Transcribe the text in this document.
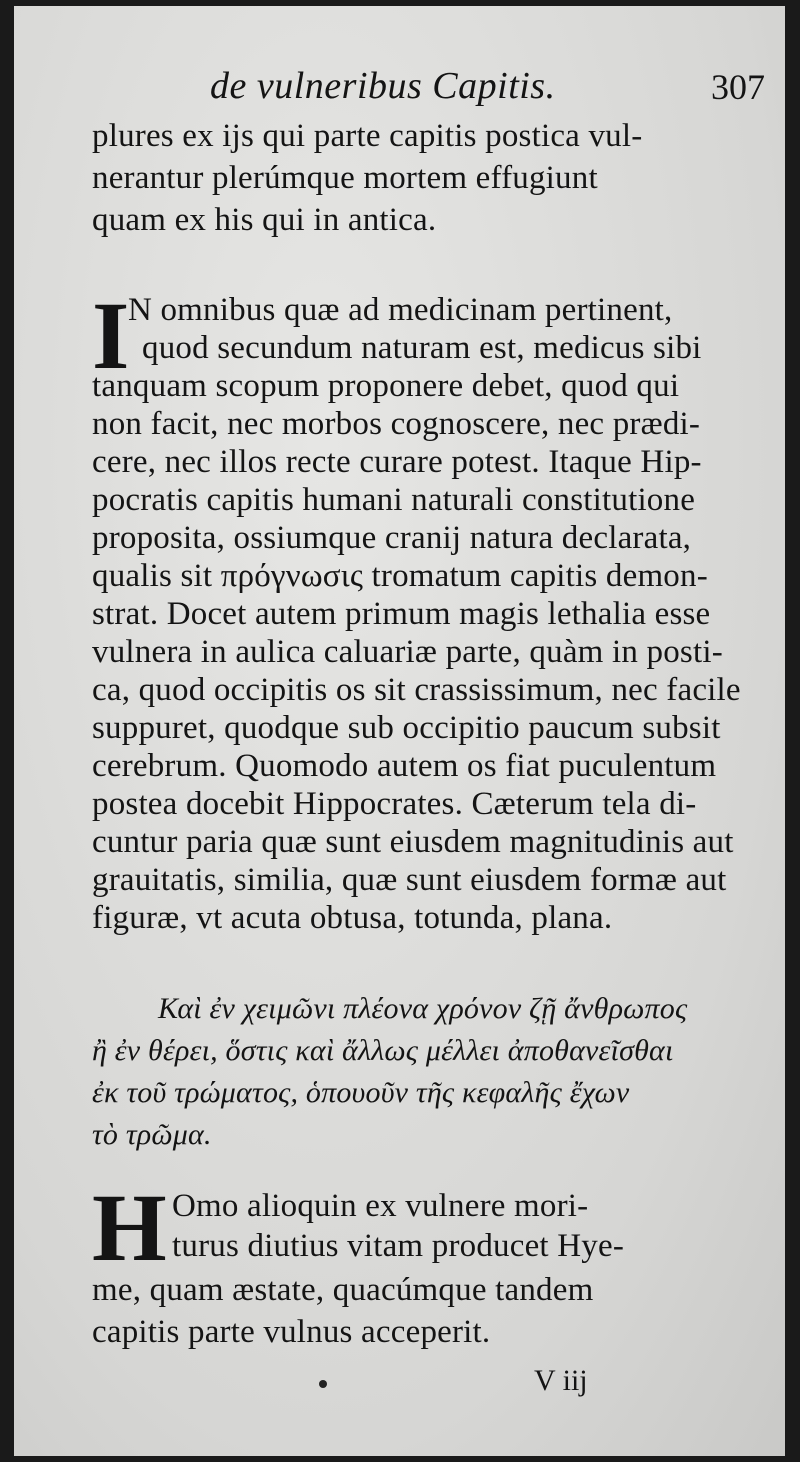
de vulneribus Capitis.	307
plures ex ijs qui parte capitis postica vul-
nerantur plerúmque mortem effugiunt
quam ex his qui in antica.
I
N omnibus quæ ad medicinam pertinent,
quod secundum naturam est, medicus sibi
tanquam scopum proponere debet, quod qui
non facit, nec morbos cognoscere, nec prædi-
cere, nec illos recte curare potest. Itaque Hip-
pocratis capitis humani naturali constitutione
proposita, ossiumque cranij natura declarata,
qualis sit πρόγνωσις tromatum capitis demon-
strat. Docet autem primum magis lethalia esse
vulnera in aulica caluariæ parte, quàm in posti-
ca, quod occipitis os sit crassissimum, nec facile
suppuret, quodque sub occipitio paucum subsit
cerebrum. Quomodo autem os fiat puculentum
postea docebit Hippocrates. Cæterum tela di-
cuntur paria quæ sunt eiusdem magnitudinis aut
grauitatis, similia, quæ sunt eiusdem formæ aut
figuræ, vt acuta obtusa, totunda, plana.
Καὶ ἐν χειμῶνι πλέονα χρόνον ζῇ ἄνθρωπος
ἢ ἐν θέρει, ὅστις καὶ ἄλλως μέλλει ἀποθανεῖσθαι
ἐκ τοῦ τρώματος, ὁπουοῦν τῆς κεφαλῆς ἔχων
τὸ τρῶμα.
H Omo alioquin ex vulnere mori-
turus diutius vitam producet Hye-
me, quam æstate, quacúmque tandem
capitis parte vulnus acceperit.
V iij
